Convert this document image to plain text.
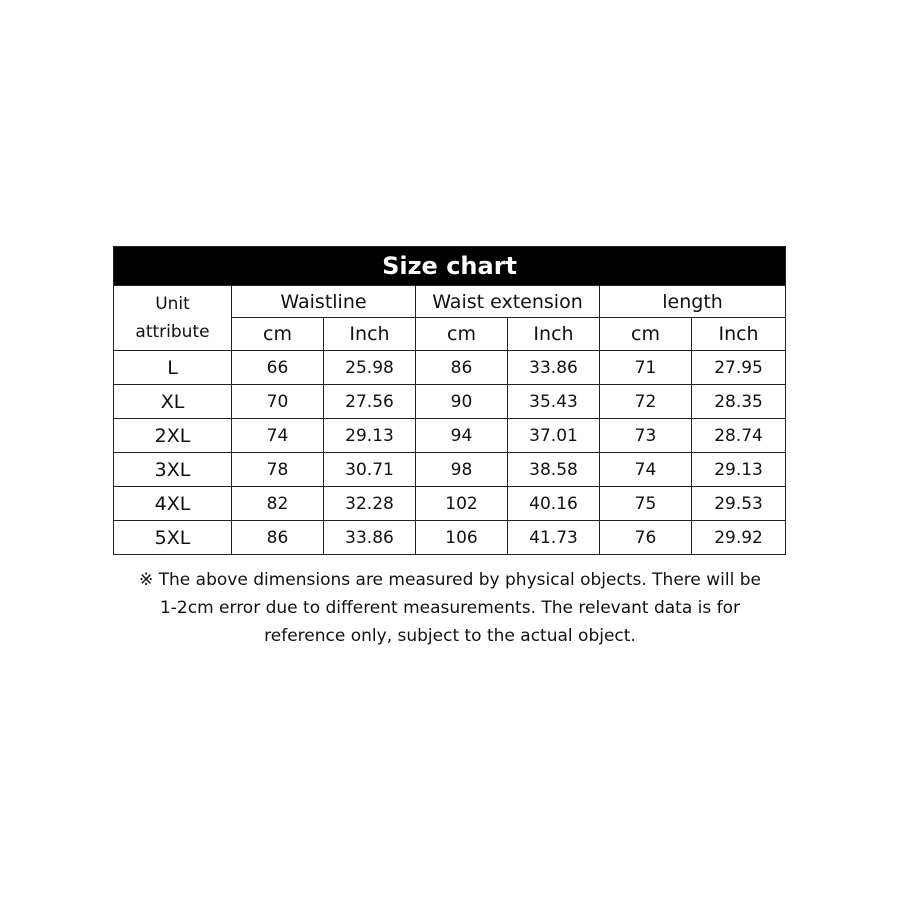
Size chart						
Unit
attribute	Waistline		Waist extension		length	
	cm	Inch	cm	Inch	cm	Inch
L	66	25.98	86	33.86	71	27.95
XL	70	27.56	90	35.43	72	28.35
2XL	74	29.13	94	37.01	73	28.74
3XL	78	30.71	98	38.58	74	29.13
4XL	82	32.28	102	40.16	75	29.53
5XL	86	33.86	106	41.73	76	29.92
※ The above dimensions are measured by physical objects. There will be
1-2cm error due to different measurements. The relevant data is for
reference only, subject to the actual object.
